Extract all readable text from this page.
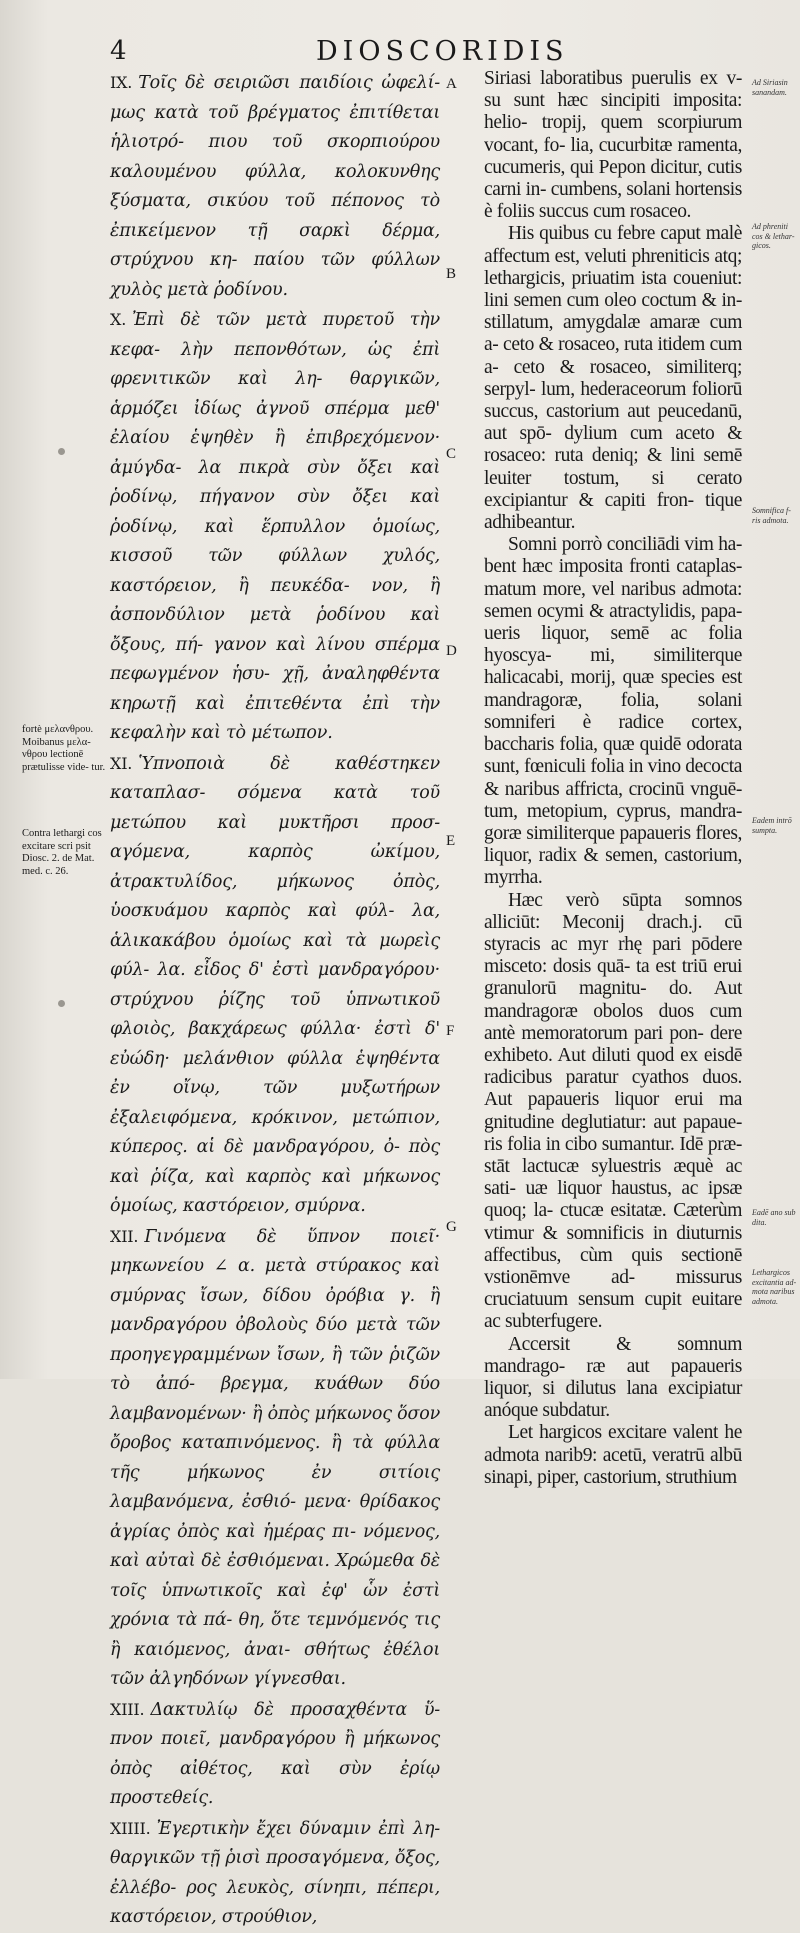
4	DIOSCORIDIS

IX. Τοῖς δὲ σειριῶσι παιδίοις ὠφελί- μως κατὰ τοῦ βρέγματος ἐπιτίθεται ἡλιοτρό- πιου τοῦ σκορπιούρου καλουμένου φύλλα, κολοκυνθης ξύσματα, σικύου τοῦ πέπονος τὸ ἐπικείμενον τῇ σαρκὶ δέρμα, στρύχνου κη- παίου τῶν φύλλων χυλὸς μετὰ ῥοδίνου.

X. Ἐπὶ δὲ τῶν μετὰ πυρετοῦ τὴν κεφα- λὴν πεπονθότων, ὡς ἐπὶ φρενιτικῶν καὶ λη- θαργικῶν, ἁρμόζει ἰδίως ἀγνοῦ σπέρμα μεθ' ἐλαίου ἑψηθὲν ἢ ἐπιβρεχόμενον· ἀμύγδα- λα πικρὰ σὺν ὄξει καὶ ῥοδίνῳ, πήγανον σὺν ὄξει καὶ ῥοδίνῳ, καὶ ἕρπυλλον ὁμοίως, κισσοῦ τῶν φύλλων χυλός, καστόρειον, ἢ πευκέδα- νον, ἢ ἀσπονδύλιον μετὰ ῥοδίνου καὶ ὄξους, πή- γανον καὶ λίνου σπέρμα πεφωγμένον ἡσυ- χῇ, ἀναληφθέντα κηρωτῇ καὶ ἐπιτεθέντα ἐπὶ τὴν κεφαλὴν καὶ τὸ μέτωπον.

XI. Ὑπνοποιὰ δὲ καθέστηκεν καταπλασ- σόμενα κατὰ τοῦ μετώπου καὶ μυκτῆρσι προσ- αγόμενα, καρπὸς ὠκίμου, ἀτρακτυλίδος, μήκωνος ὀπὸς, ὑοσκυάμου καρπὸς καὶ φύλ- λα, ἁλικακάβου ὁμοίως καὶ τὰ μωρεὶς φύλ- λα. εἶδος δ' ἐστὶ μανδραγόρου· στρύχνου ῥίζης τοῦ ὑπνωτικοῦ φλοιὸς, βακχάρεως φύλλα· ἐστὶ δ' εὐώδη· μελάνθιον φύλλα ἑψηθέντα ἐν οἴνῳ, τῶν μυξωτήρων ἐξαλειφόμενα, κρόκινον, μετώπιον, κύπερος. αἱ δὲ μανδραγόρου, ὀ- πὸς καὶ ῥίζα, καὶ καρπὸς καὶ μήκωνος ὁμοίως, καστόρειον, σμύρνα.

XII. Γινόμενα δὲ ὕπνον ποιεῖ· μηκωνείου ∠ α. μετὰ στύρακος καὶ σμύρνας ἴσων, δίδου ὀρόβια γ. ἢ μανδραγόρου ὀβολοὺς δύο μετὰ τῶν προηγεγραμμένων ἴσων, ἢ τῶν ῥιζῶν τὸ ἀπό- βρεγμα, κυάθων δύο λαμβανομένων· ἢ ὀπὸς μήκωνος ὅσον ὄροβος καταπινόμενος. ἢ τὰ φύλλα τῆς μήκωνος ἐν σιτίοις λαμβανόμενα, ἐσθιό- μενα· θρίδακος ἀγρίας ὀπὸς καὶ ἡμέρας πι- νόμενος, καὶ αὐταὶ δὲ ἐσθιόμεναι. Χρώμεθα δὲ τοῖς ὑπνωτικοῖς καὶ ἐφ' ὧν ἐστὶ χρόνια τὰ πά- θη, ὅτε τεμνόμενός τις ἢ καιόμενος, ἀναι- σθήτως ἐθέλοι τῶν ἀλγηδόνων γίγνεσθαι.

XIII. Δακτυλίῳ δὲ προσαχθέντα ὕ- πνον ποιεῖ, μανδραγόρου ἢ μήκωνος ὀπὸς αἰθέτος, καὶ σὺν ἐρίῳ προστεθείς.

XIIII. Ἐγερτικὴν ἔχει δύναμιν ἐπὶ λη- θαργικῶν τῇ ῥισὶ προσαγόμενα, ὄξος, ἐλλέβο- ρος λευκὸς, σίνηπι, πέπερι, καστόρειον, στρούθιον,

A
B
C
D
E
F
G

Siriasi laboratibus puerulis ex v- su sunt hæc sincipiti imposita: helio- tropij, quem scorpiurum vocant, fo- lia, cucurbitæ ramenta, cucumeris, qui Pepon dicitur, cutis carni in- cumbens, solani hortensis è foliis succus cum rosaceo.

His quibus cu febre caput malè affectum est, veluti phreniticis atq; lethargicis, priuatim ista coueniut: lini semen cum oleo coctum & in- stillatum, amygdalæ amaræ cum a- ceto & rosaceo, ruta itidem cum a- ceto & rosaceo, similiterq; serpyl- lum, hederaceorum foliorū succus, castorium aut peucedanū, aut spō- dylium cum aceto & rosaceo: ruta deniq; & lini semē leuiter tostum, si cerato excipiantur & capiti fron- tique adhibeantur.

Somni porrò conciliādi vim ha- bent hæc imposita fronti cataplas- matum more, vel naribus admota: semen ocymi & atractylidis, papa- ueris liquor, semē ac folia hyoscya- mi, similiterque halicacabi, morij, quæ species est mandragoræ, folia, solani somniferi è radice cortex, baccharis folia, quæ quidē odorata sunt, fœniculi folia in vino decocta & naribus affricta, crocinū vnguē- tum, metopium, cyprus, mandra- goræ similiterque papaueris flores, liquor, radix & semen, castorium, myrrha.

Hæc verò sūpta somnos alliciūt: Meconij drach.j. cū styracis ac myr rhę pari pōdere misceto: dosis quā- ta est triū erui granulorū magnitu- do. Aut mandragoræ obolos duos cum antè memoratorum pari pon- dere exhibeto. Aut diluti quod ex eisdē radicibus paratur cyathos duos. Aut papaueris liquor erui ma gnitudine deglutiatur: aut papaue- ris folia in cibo sumantur. Idē præ- stāt lactucæ syluestris æquè ac sati- uæ liquor haustus, ac ipsæ quoq; la- ctucæ esitatæ. Cæterùm vtimur & somnificis in diuturnis affectibus, cùm quis sectionē vstionēmve ad- missurus cruciatuum sensum cupit euitare ac subterfugere.

Accersit & somnum mandrago- ræ aut papaueris liquor, si dilutus lana excipiatur anóque subdatur.

Let hargicos excitare valent he admota narib9: acetū, veratrū albū sinapi, piper, castorium, struthium

fortè μελανθρου. Moibanus μελα- νθρου lectionē prætulisse vide- tur.
Contra lethargi cos excitare scri psit Diosc. 2. de Mat. med. c. 26.
Ad Siriasin sanandam.
Ad phreniti cos & lethar- gicos.
Somnifica f- ris admota.
Eadem intrō sumpta.
Eadē ano sub dita.
Lethargicos excitantia ad- mota naribus admota.
